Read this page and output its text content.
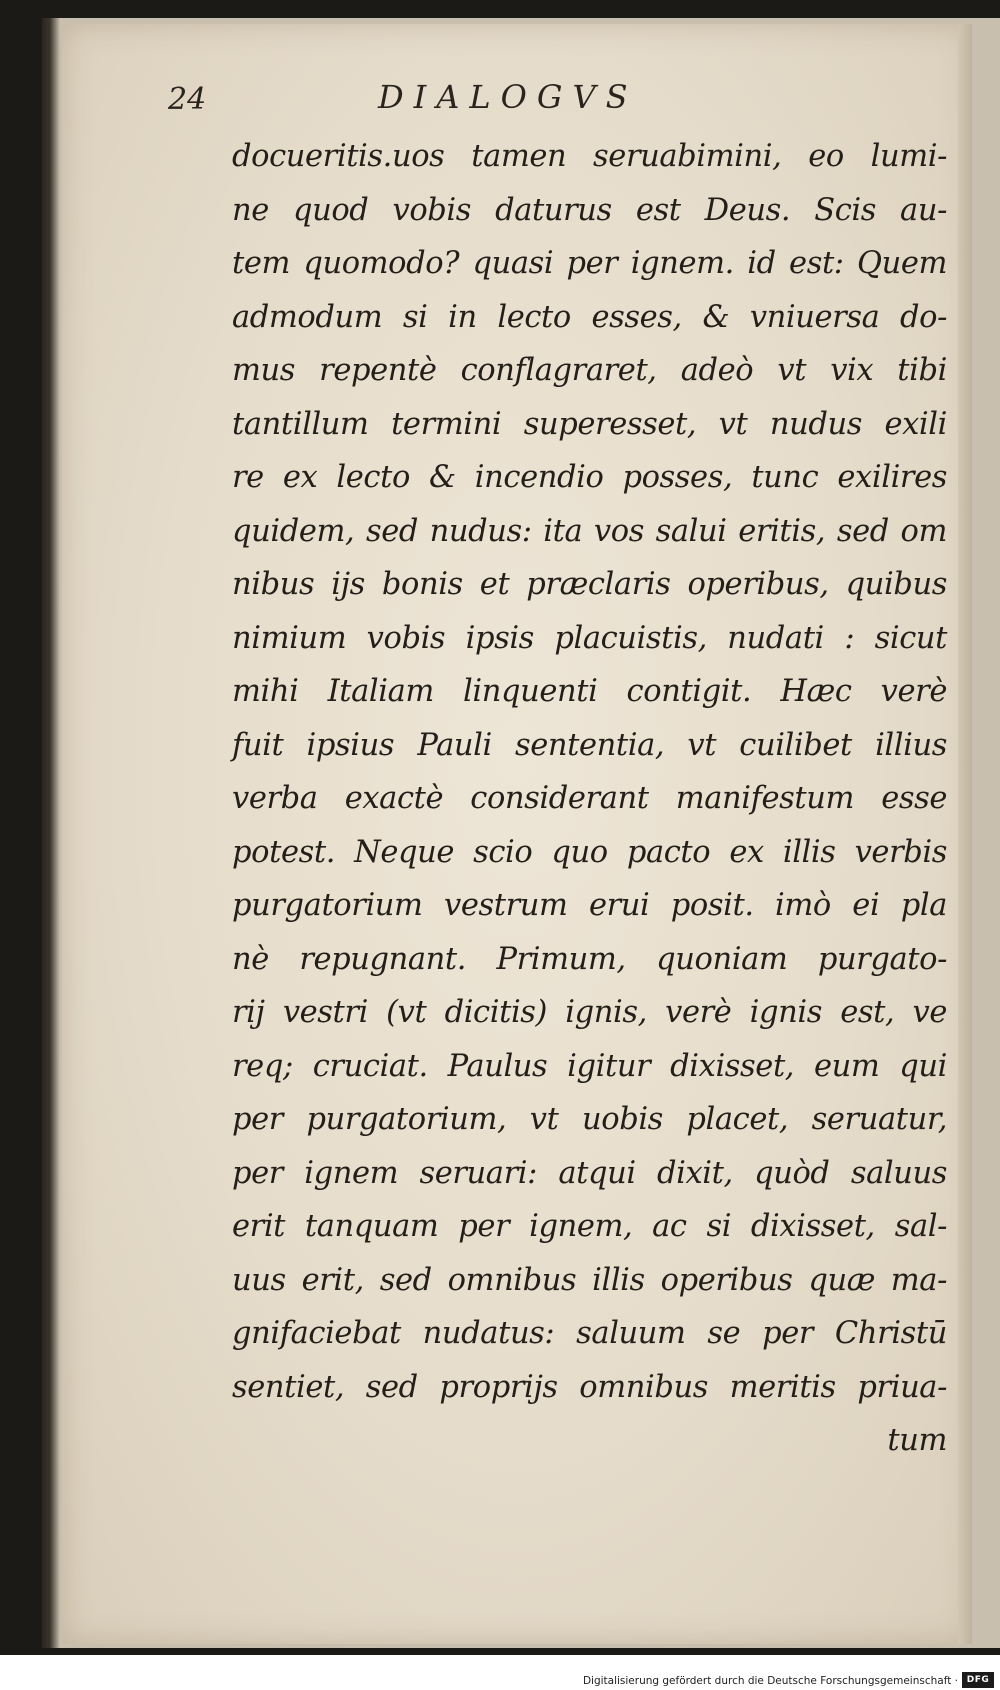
24	DIALOGVS
docueritis.uos tamen seruabimini, eo lumi-
ne quod vobis daturus est Deus. Scis au-
tem quomodo? quasi per ignem. id est: Quem
admodum si in lecto esses, & vniuersa do-
mus repentè conflagraret, adeò vt vix tibi
tantillum termini superesset, vt nudus exili
re ex lecto & incendio posses, tunc exilires
quidem, sed nudus: ita vos salui eritis, sed om
nibus ijs bonis et præclaris operibus, quibus
nimium vobis ipsis placuistis, nudati : sicut
mihi Italiam linquenti contigit. Hæc verè
fuit ipsius Pauli sententia, vt cuilibet illius
verba exactè considerant manifestum esse
potest. Neque scio quo pacto ex illis verbis
purgatorium vestrum erui posit. imò ei pla
nè repugnant. Primum, quoniam purgato-
rij vestri (vt dicitis) ignis, verè ignis est, ve
req; cruciat. Paulus igitur dixisset, eum qui
per purgatorium, vt uobis placet, seruatur,
per ignem seruari: atqui dixit, quòd saluus
erit tanquam per ignem, ac si dixisset, sal-
uus erit, sed omnibus illis operibus quæ ma-
gnifaciebat nudatus: saluum se per Christū
sentiet, sed proprijs omnibus meritis priua-
tum
Digitalisierung gefördert durch die Deutsche Forschungsgemeinschaft · DFG
